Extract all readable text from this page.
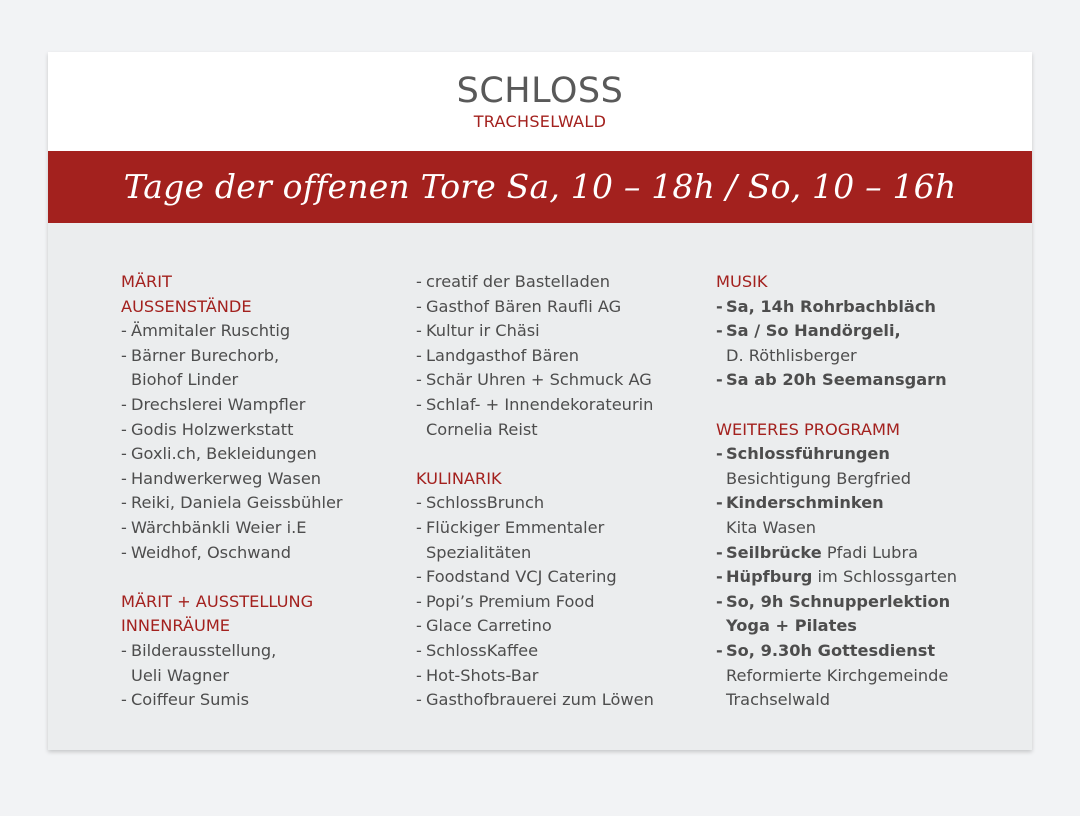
SCHLOSS
TRACHSELWALD
Tage der offenen Tore Sa, 10 – 18h / So, 10 – 16h
MÄRIT
AUSSENSTÄNDE
- Ämmitaler Ruschtig
- Bärner Burechorb,
Biohof Linder
- Drechslerei Wampfler
- Godis Holzwerkstatt
- Goxli.ch, Bekleidungen
- Handwerkerweg Wasen
- Reiki, Daniela Geissbühler
- Wärchbänkli Weier i.E
- Weidhof, Oschwand
MÄRIT + AUSSTELLUNG
INNENRÄUME
- Bilderausstellung,
Ueli Wagner
- Coiffeur Sumis
- creatif der Bastelladen
- Gasthof Bären Raufli AG
- Kultur ir Chäsi
- Landgasthof Bären
- Schär Uhren + Schmuck AG
- Schlaf- + Innendekorateurin
Cornelia Reist
KULINARIK
- SchlossBrunch
- Flückiger Emmentaler
Spezialitäten
- Foodstand VCJ Catering
- Popi’s Premium Food
- Glace Carretino
- SchlossKaffee
- Hot-Shots-Bar
- Gasthofbrauerei zum Löwen
MUSIK
- Sa, 14h Rohrbachbläch
- Sa / So Handörgeli,
D. Röthlisberger
- Sa ab 20h Seemansgarn
WEITERES PROGRAMM
- Schlossführungen
Besichtigung Bergfried
- Kinderschminken
Kita Wasen
- Seilbrücke Pfadi Lubra
- Hüpfburg im Schlossgarten
- So, 9h Schnupperlektion
Yoga + Pilates
- So, 9.30h Gottesdienst
Reformierte Kirchgemeinde
Trachselwald
